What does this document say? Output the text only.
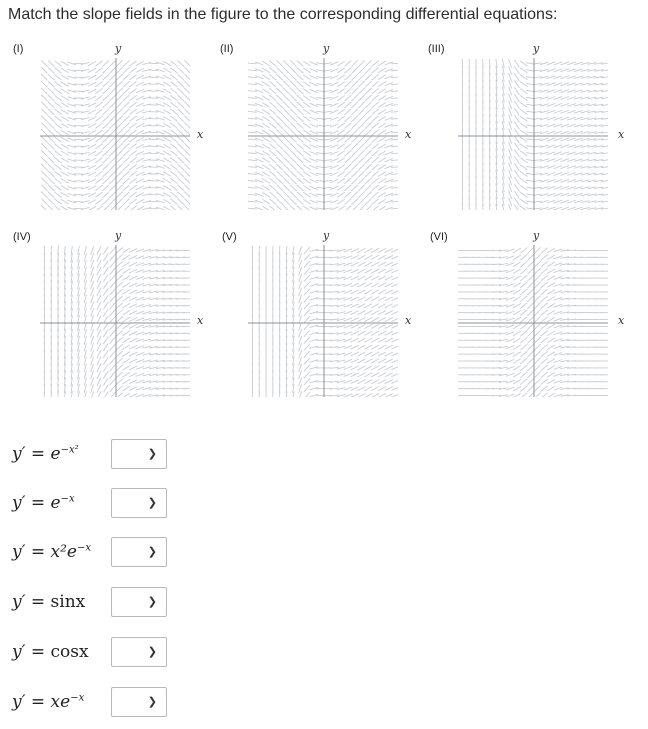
Match the slope fields in the figure to the corresponding differential equations:
(I)	y
x
(II)	y
x
(III)	y
x
(IV)	y
x
(V)	y
x
(VI)	y
x
$y' = e^{-x^2}$	❯
$y' = e^{-x}$	❯
$y' = x^2e^{-x}$	❯
y′ = sinx	❯
y′ = cosx	❯
$y' = xe^{-x}$	❯
